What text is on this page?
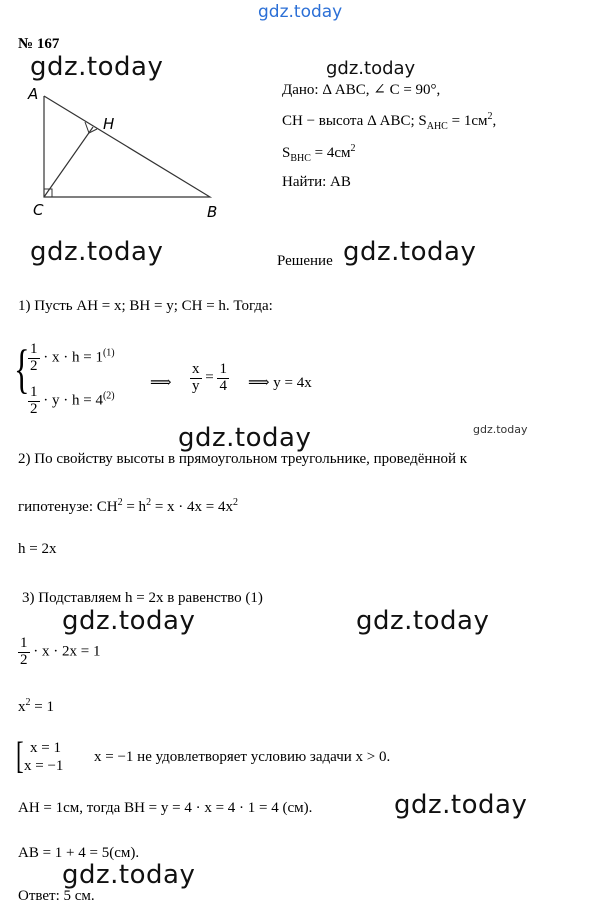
gdz.today
№ 167
gdz.today
A
H
C	B
gdz.today
Дано: Δ ABC, ∠ C = 90°,
CH − высота Δ ABC; $S_{AHC} = 1см^2$,
$S_{BHC} = 4см^2$
Найти: AB
gdz.today	Решение gdz.today
1) Пусть AH = x; BH = y; CH = h. Тогда:
{
$\frac{1}{2} \cdot x \cdot h = 1^{(1)}$
$\frac{1}{2} \cdot y \cdot h = 4^{(2)}$
⟹ $\frac{x}{y} = \frac{1}{4}$ ⟹ y = 4x
gdz.today	gdz.today
2) По свойству высоты в прямоугольном треугольнике, проведённой к
гипотенузе: $CH^2 = h^2 = x \cdot 4x = 4x^2$
h = 2x
3) Подставляем h = 2x в равенство (1)
gdz.today	gdz.today
$\frac{1}{2} \cdot x \cdot 2x = 1$
$x^2 = 1$
[ x = 1
x = −1
x = −1 не удовлетворяет условию задачи x > 0.
AH = 1см, тогда BH = y = 4 · x = 4 · 1 = 4 (см).	gdz.today
AB = 1 + 4 = 5(см).
gdz.today
Ответ: 5 см.
